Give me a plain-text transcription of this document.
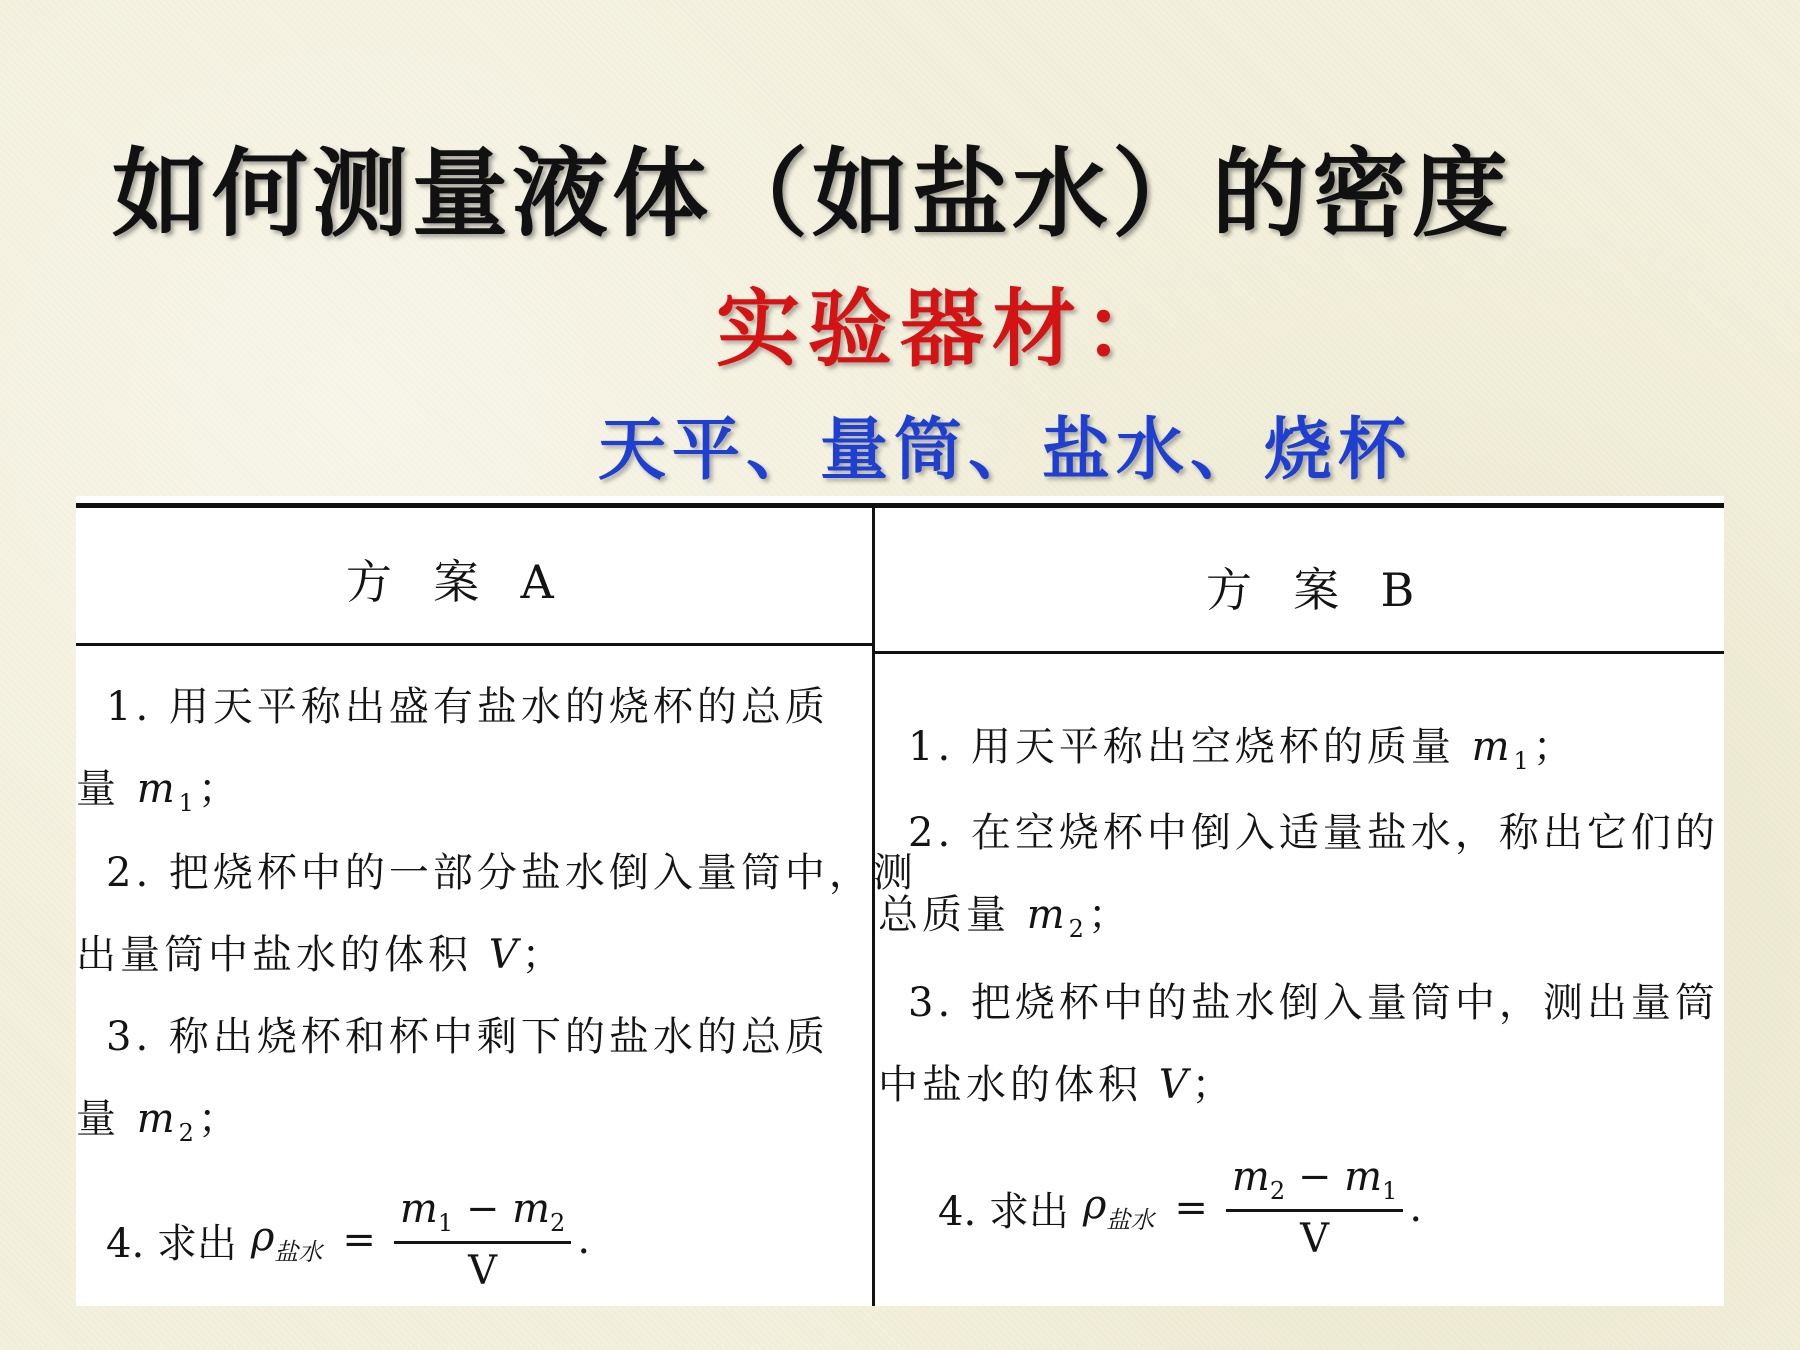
如何测量液体（如盐水）的密度
实验器材：
天平、量筒、盐水、烧杯
方  案  A	方  案  B
1. 用天平称出盛有盐水的烧杯的总质
量 $m_1$；
2. 把烧杯中的一部分盐水倒入量筒中，测
出量筒中盐水的体积 V；
3. 称出烧杯和杯中剩下的盐水的总质
量 $m_2$；
4. 求出 $\rho_{盐水} = \frac{m_1 - m_2}{V}$ .
1. 用天平称出空烧杯的质量 $m_1$；
2. 在空烧杯中倒入适量盐水，称出它们的
总质量 $m_2$；
3. 把烧杯中的盐水倒入量筒中，测出量筒
中盐水的体积 V；
4. 求出 $\rho_{盐水} = \frac{m_2 - m_1}{V}$ .
